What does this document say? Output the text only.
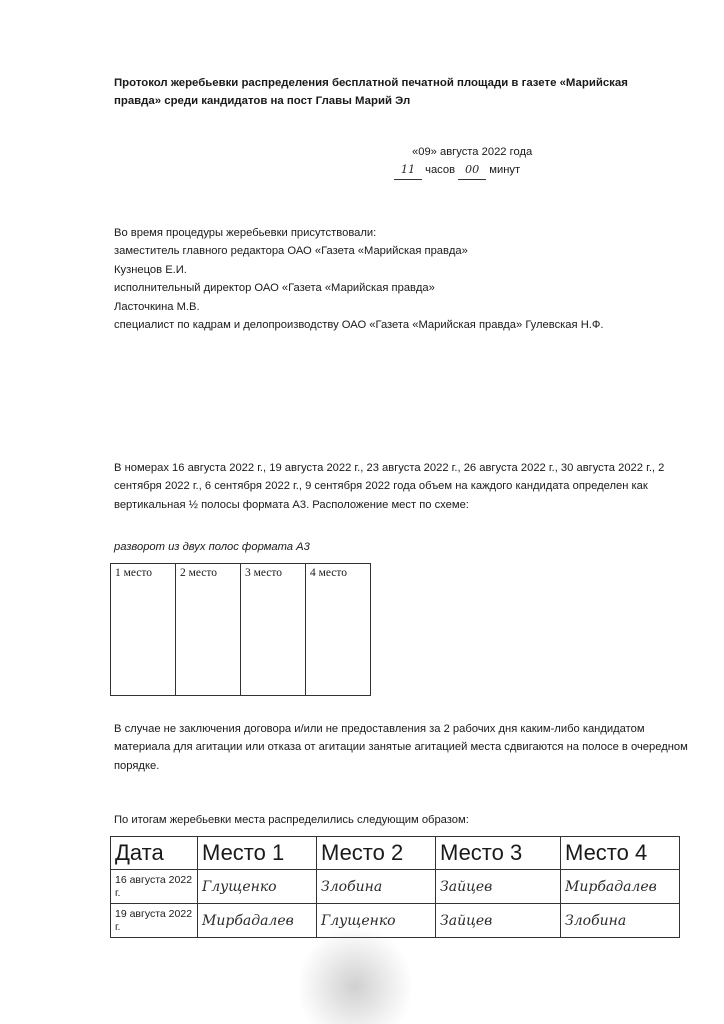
Протокол жеребьевки распределения бесплатной печатной площади в газете «Марийская правда» среди кандидатов на пост Главы Марий Эл
«09» августа 2022 года
11 часов 00 минут
Во время процедуры жеребьевки присутствовали:
заместитель главного редактора ОАО «Газета «Марийская правда»
Кузнецов Е.И.
исполнительный директор ОАО «Газета «Марийская правда»
Ласточкина М.В.
специалист по кадрам и делопроизводству ОАО «Газета «Марийская правда» Гулевская Н.Ф.
В номерах 16 августа 2022 г., 19 августа 2022 г., 23 августа 2022 г., 26 августа 2022 г., 30 августа 2022 г., 2 сентября 2022 г., 6 сентября 2022 г., 9 сентября 2022 года объем на каждого кандидата определен как вертикальная ½ полосы формата А3. Расположение мест по схеме:
разворот из двух полос формата А3
1 место	2 место	3 место	4 место
В случае не заключения договора и/или не предоставления за 2 рабочих дня каким-либо кандидатом материала для агитации или отказа от агитации занятые агитацией места сдвигаются на полосе в очередном порядке.
По итогам жеребьевки места распределились следующим образом:
Дата	Место 1	Место 2	Место 3	Место 4
16 августа 2022 г.	Глущенко	Злобина	Зайцев	Мирбадалев
19 августа 2022 г.	Мирбадалев	Глущенко	Зайцев	Злобина
